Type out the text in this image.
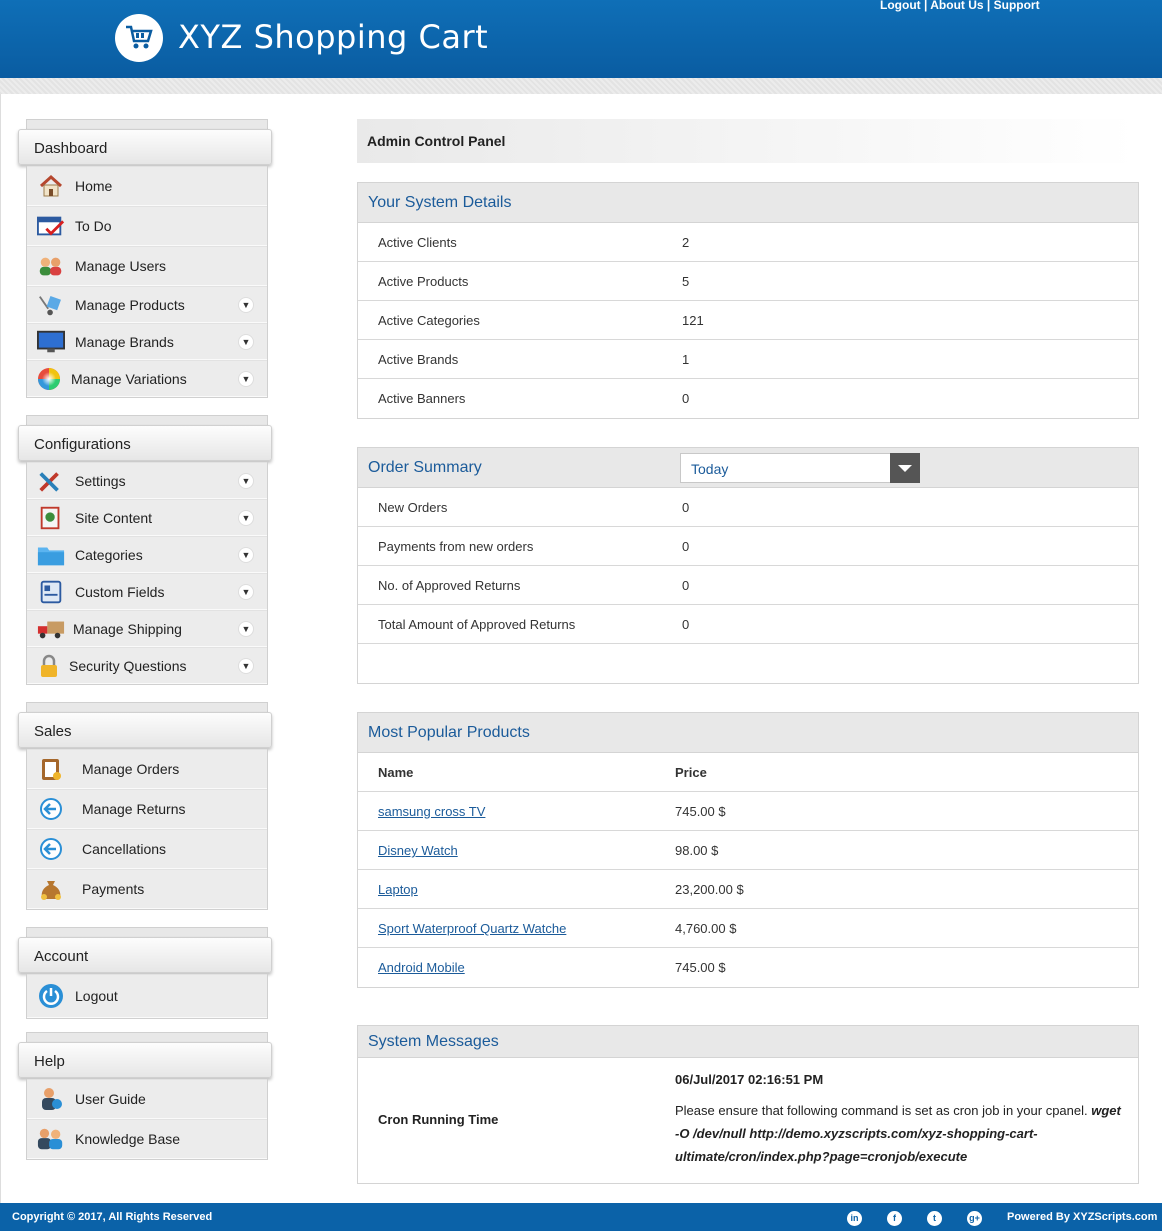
XYZ Shopping Cart
Logout | About Us | Support
Dashboard
Home
To Do
Manage Users
Manage Products	▼
Manage Brands	▼
Manage Variations	▼
Configurations
Settings	▼
Site Content	▼
Categories	▼
Custom Fields	▼
Manage Shipping	▼
Security Questions	▼
Sales
Manage Orders
Manage Returns
Cancellations
Payments
Account
Logout
Help
User Guide
Knowledge Base
Admin Control Panel
Your System Details
Active Clients	2
Active Products	5
Active Categories	121
Active Brands	1
Active Banners	0
Order Summary	Today
New Orders	0
Payments from new orders	0
No. of Approved Returns	0
Total Amount of Approved Returns	0
Most Popular Products
Name	Price
samsung cross TV	745.00 $
Disney Watch	98.00 $
Laptop	23,200.00 $
Sport Waterproof Quartz Watche	4,760.00 $
Android Mobile	745.00 $
System Messages
Cron Running Time
06/Jul/2017 02:16:51 PM
Please ensure that following command is set as cron job in your cpanel. wget -O /dev/null http://demo.xyzscripts.com/xyz-shopping-cart-ultimate/cron/index.php?page=cronjob/execute
Copyright © 2017, All Rights Reserved	in	f	t	g+ Powered By XYZScripts.com
